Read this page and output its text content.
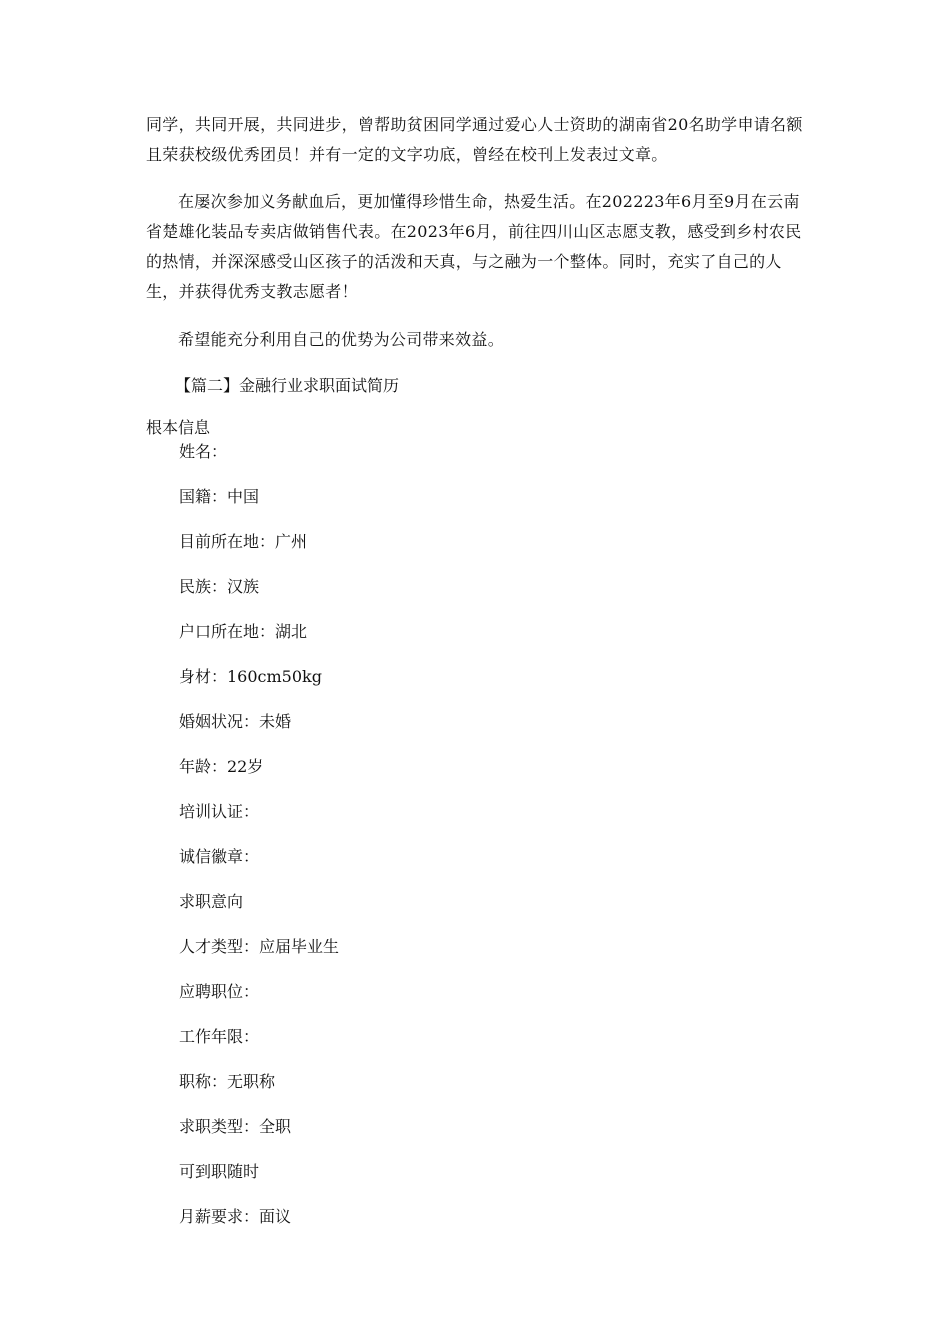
同学，共同开展，共同进步，曾帮助贫困同学通过爱心人士资助的湖南省20名助学申请名额且荣获校级优秀团员！并有一定的文字功底，曾经在校刊上发表过文章。

在屡次参加义务献血后，更加懂得珍惜生命，热爱生活。在202223年6月至9月在云南省楚雄化装品专卖店做销售代表。在2023年6月，前往四川山区志愿支教，感受到乡村农民的热情，并深深感受山区孩子的活泼和天真，与之融为一个整体。同时，充实了自己的人生，并获得优秀支教志愿者！

希望能充分利用自己的优势为公司带来效益。

【篇二】金融行业求职面试简历

根本信息

姓名：

国籍：中国

目前所在地：广州

民族：汉族

户口所在地：湖北

身材：160cm50kg

婚姻状况：未婚

年龄：22岁

培训认证：

诚信徽章：

求职意向

人才类型：应届毕业生

应聘职位：

工作年限：

职称：无职称

求职类型：全职

可到职随时

月薪要求：面议
